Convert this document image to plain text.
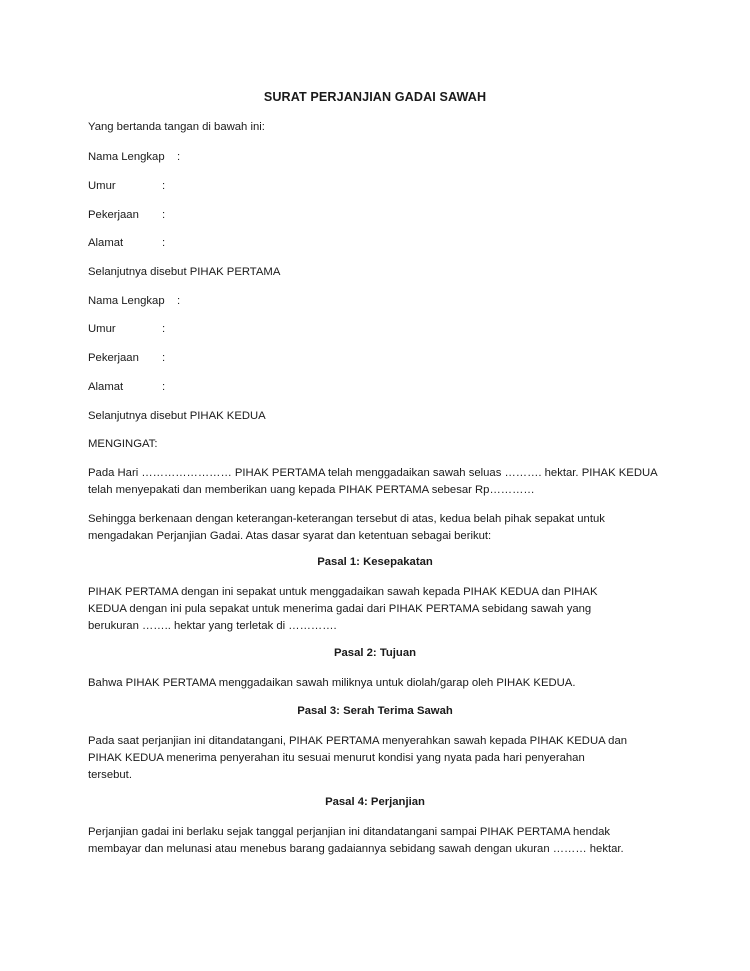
SURAT PERJANJIAN GADAI SAWAH
Yang bertanda tangan di bawah ini:
Nama Lengkap :
Umur	:
Pekerjaan :
Alamat	:
Selanjutnya disebut PIHAK PERTAMA
Nama Lengkap :
Umur	:
Pekerjaan :
Alamat	:
Selanjutnya disebut PIHAK KEDUA
MENGINGAT:
Pada Hari …………………… PIHAK PERTAMA telah menggadaikan sawah seluas ………. hektar. PIHAK KEDUA
telah menyepakati dan memberikan uang kepada PIHAK PERTAMA sebesar Rp…………
Sehingga berkenaan dengan keterangan-keterangan tersebut di atas, kedua belah pihak sepakat untuk
mengadakan Perjanjian Gadai. Atas dasar syarat dan ketentuan sebagai berikut:
Pasal 1: Kesepakatan
PIHAK PERTAMA dengan ini sepakat untuk menggadaikan sawah kepada PIHAK KEDUA dan PIHAK
KEDUA dengan ini pula sepakat untuk menerima gadai dari PIHAK PERTAMA sebidang sawah yang
berukuran …….. hektar yang terletak di ………….
Pasal 2: Tujuan
Bahwa PIHAK PERTAMA menggadaikan sawah miliknya untuk diolah/garap oleh PIHAK KEDUA.
Pasal 3: Serah Terima Sawah
Pada saat perjanjian ini ditandatangani, PIHAK PERTAMA menyerahkan sawah kepada PIHAK KEDUA dan
PIHAK KEDUA menerima penyerahan itu sesuai menurut kondisi yang nyata pada hari penyerahan
tersebut.
Pasal 4: Perjanjian
Perjanjian gadai ini berlaku sejak tanggal perjanjian ini ditandatangani sampai PIHAK PERTAMA hendak
membayar dan melunasi atau menebus barang gadaiannya sebidang sawah dengan ukuran ……… hektar.
